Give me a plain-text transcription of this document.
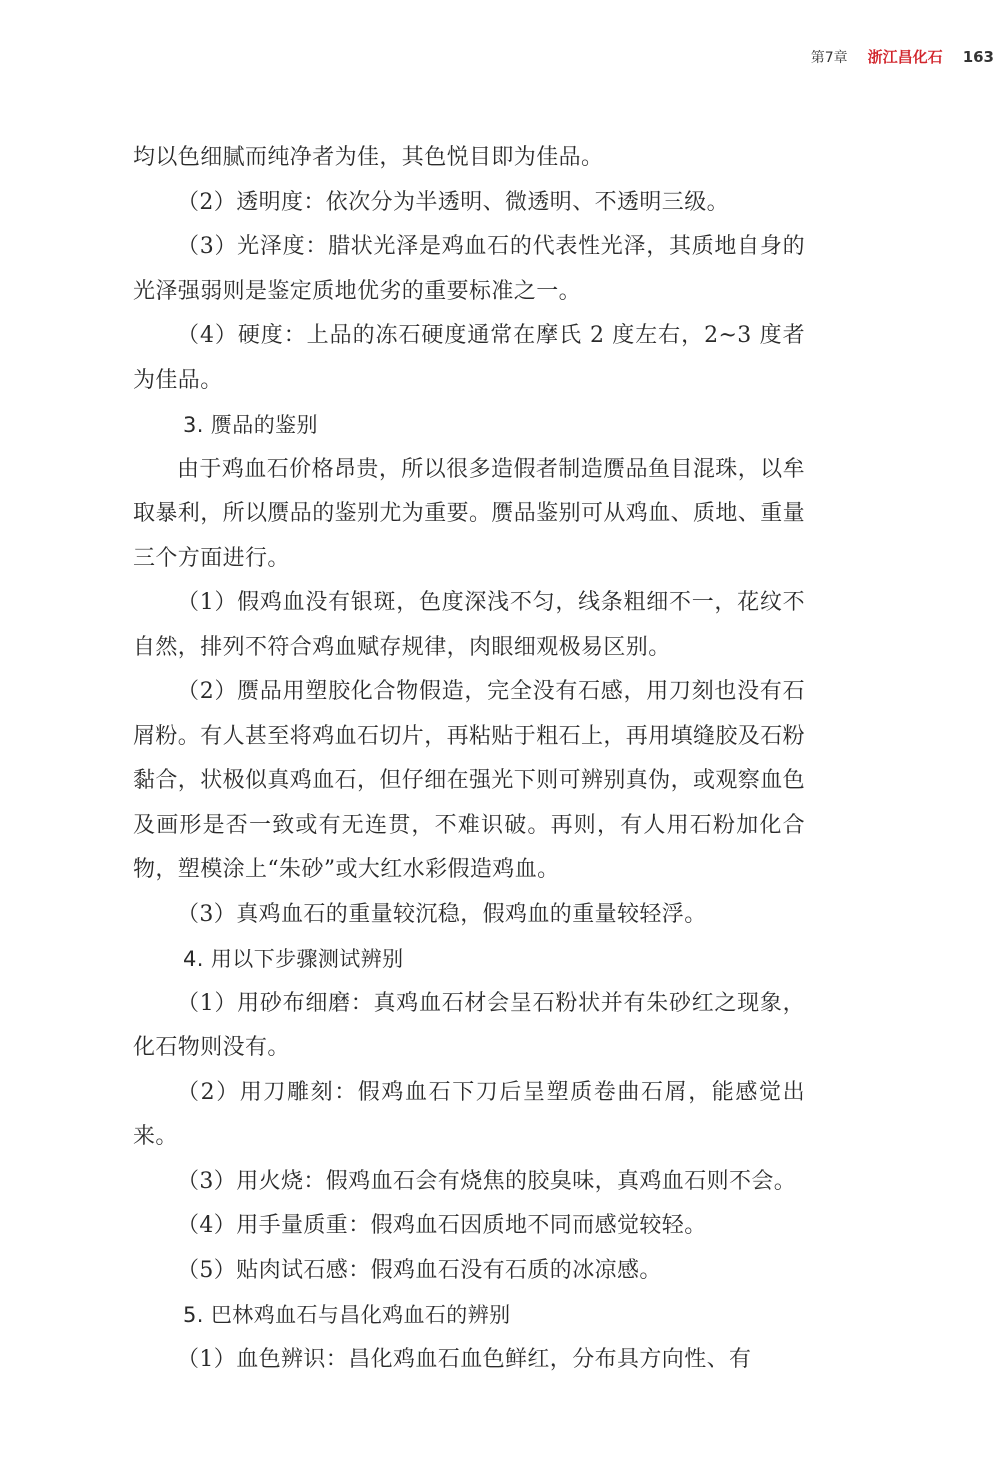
第7章 浙江昌化石 163

均以色细腻而纯净者为佳，其色悦目即为佳品。

（2）透明度：依次分为半透明、微透明、不透明三级。

（3）光泽度：腊状光泽是鸡血石的代表性光泽，其质地自身的光泽强弱则是鉴定质地优劣的重要标准之一。

（4）硬度：上品的冻石硬度通常在摩氏 2 度左右，2~3 度者为佳品。

3. 赝品的鉴别

由于鸡血石价格昂贵，所以很多造假者制造赝品鱼目混珠，以牟取暴利，所以赝品的鉴别尤为重要。赝品鉴别可从鸡血、质地、重量三个方面进行。

（1）假鸡血没有银斑，色度深浅不匀，线条粗细不一，花纹不自然，排列不符合鸡血赋存规律，肉眼细观极易区别。

（2）赝品用塑胶化合物假造，完全没有石感，用刀刻也没有石屑粉。有人甚至将鸡血石切片，再粘贴于粗石上，再用填缝胶及石粉黏合，状极似真鸡血石，但仔细在强光下则可辨别真伪，或观察血色及画形是否一致或有无连贯，不难识破。再则，有人用石粉加化合物，塑模涂上“朱砂”或大红水彩假造鸡血。

（3）真鸡血石的重量较沉稳，假鸡血的重量较轻浮。

4. 用以下步骤测试辨别

（1）用砂布细磨：真鸡血石材会呈石粉状并有朱砂红之现象，化石物则没有。

（2）用刀雕刻：假鸡血石下刀后呈塑质卷曲石屑，能感觉出来。

（3）用火烧：假鸡血石会有烧焦的胶臭味，真鸡血石则不会。

（4）用手量质重：假鸡血石因质地不同而感觉较轻。

（5）贴肉试石感：假鸡血石没有石质的冰凉感。

5. 巴林鸡血石与昌化鸡血石的辨别

（1）血色辨识：昌化鸡血石血色鲜红，分布具方向性、有
